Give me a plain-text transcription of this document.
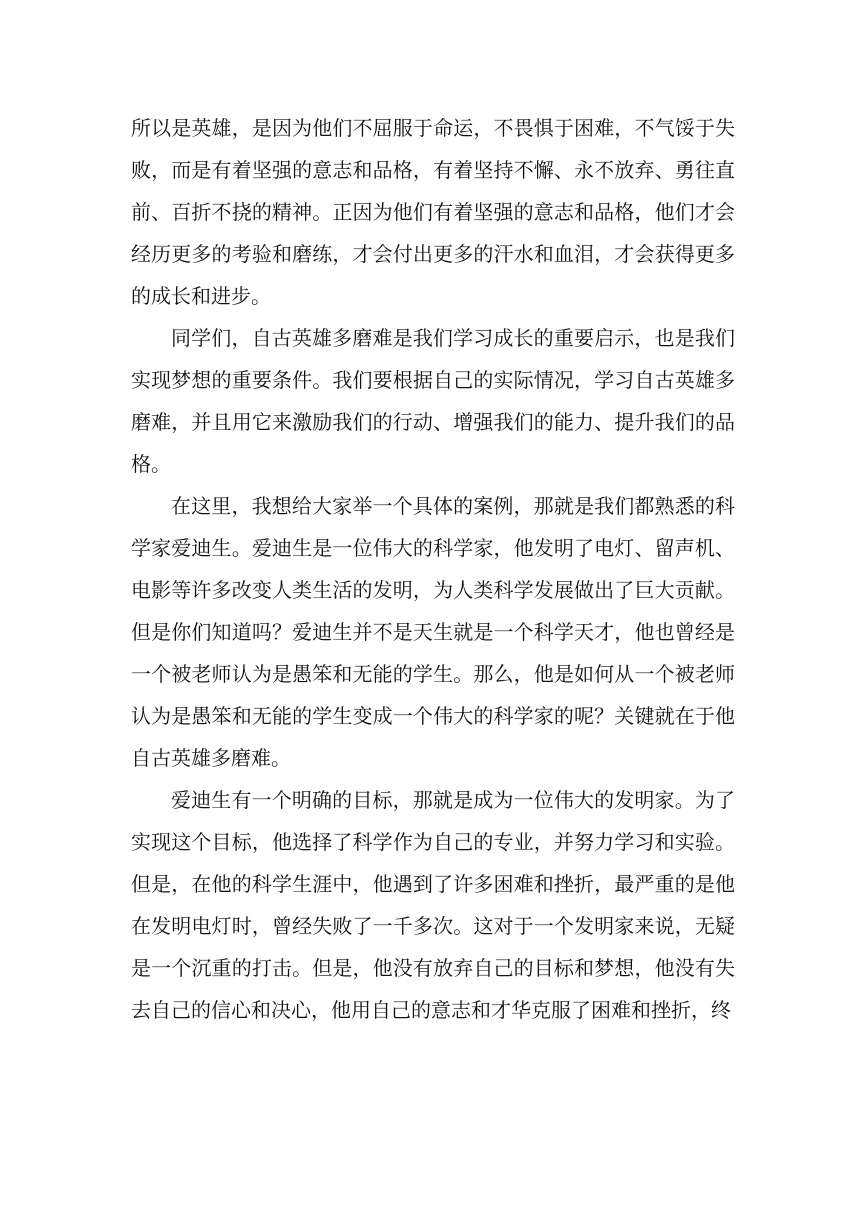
所以是英雄，是因为他们不屈服于命运，不畏惧于困难，不气馁于失败，而是有着坚强的意志和品格，有着坚持不懈、永不放弃、勇往直前、百折不挠的精神。正因为他们有着坚强的意志和品格，他们才会经历更多的考验和磨练，才会付出更多的汗水和血泪，才会获得更多的成长和进步。

同学们，自古英雄多磨难是我们学习成长的重要启示，也是我们实现梦想的重要条件。我们要根据自己的实际情况，学习自古英雄多磨难，并且用它来激励我们的行动、增强我们的能力、提升我们的品格。

在这里，我想给大家举一个具体的案例，那就是我们都熟悉的科学家爱迪生。爱迪生是一位伟大的科学家，他发明了电灯、留声机、电影等许多改变人类生活的发明，为人类科学发展做出了巨大贡献。但是你们知道吗？爱迪生并不是天生就是一个科学天才，他也曾经是一个被老师认为是愚笨和无能的学生。那么，他是如何从一个被老师认为是愚笨和无能的学生变成一个伟大的科学家的呢？关键就在于他自古英雄多磨难。

爱迪生有一个明确的目标，那就是成为一位伟大的发明家。为了实现这个目标，他选择了科学作为自己的专业，并努力学习和实验。但是，在他的科学生涯中，他遇到了许多困难和挫折，最严重的是他在发明电灯时，曾经失败了一千多次。这对于一个发明家来说，无疑是一个沉重的打击。但是，他没有放弃自己的目标和梦想，他没有失去自己的信心和决心，他用自己的意志和才华克服了困难和挫折，终
